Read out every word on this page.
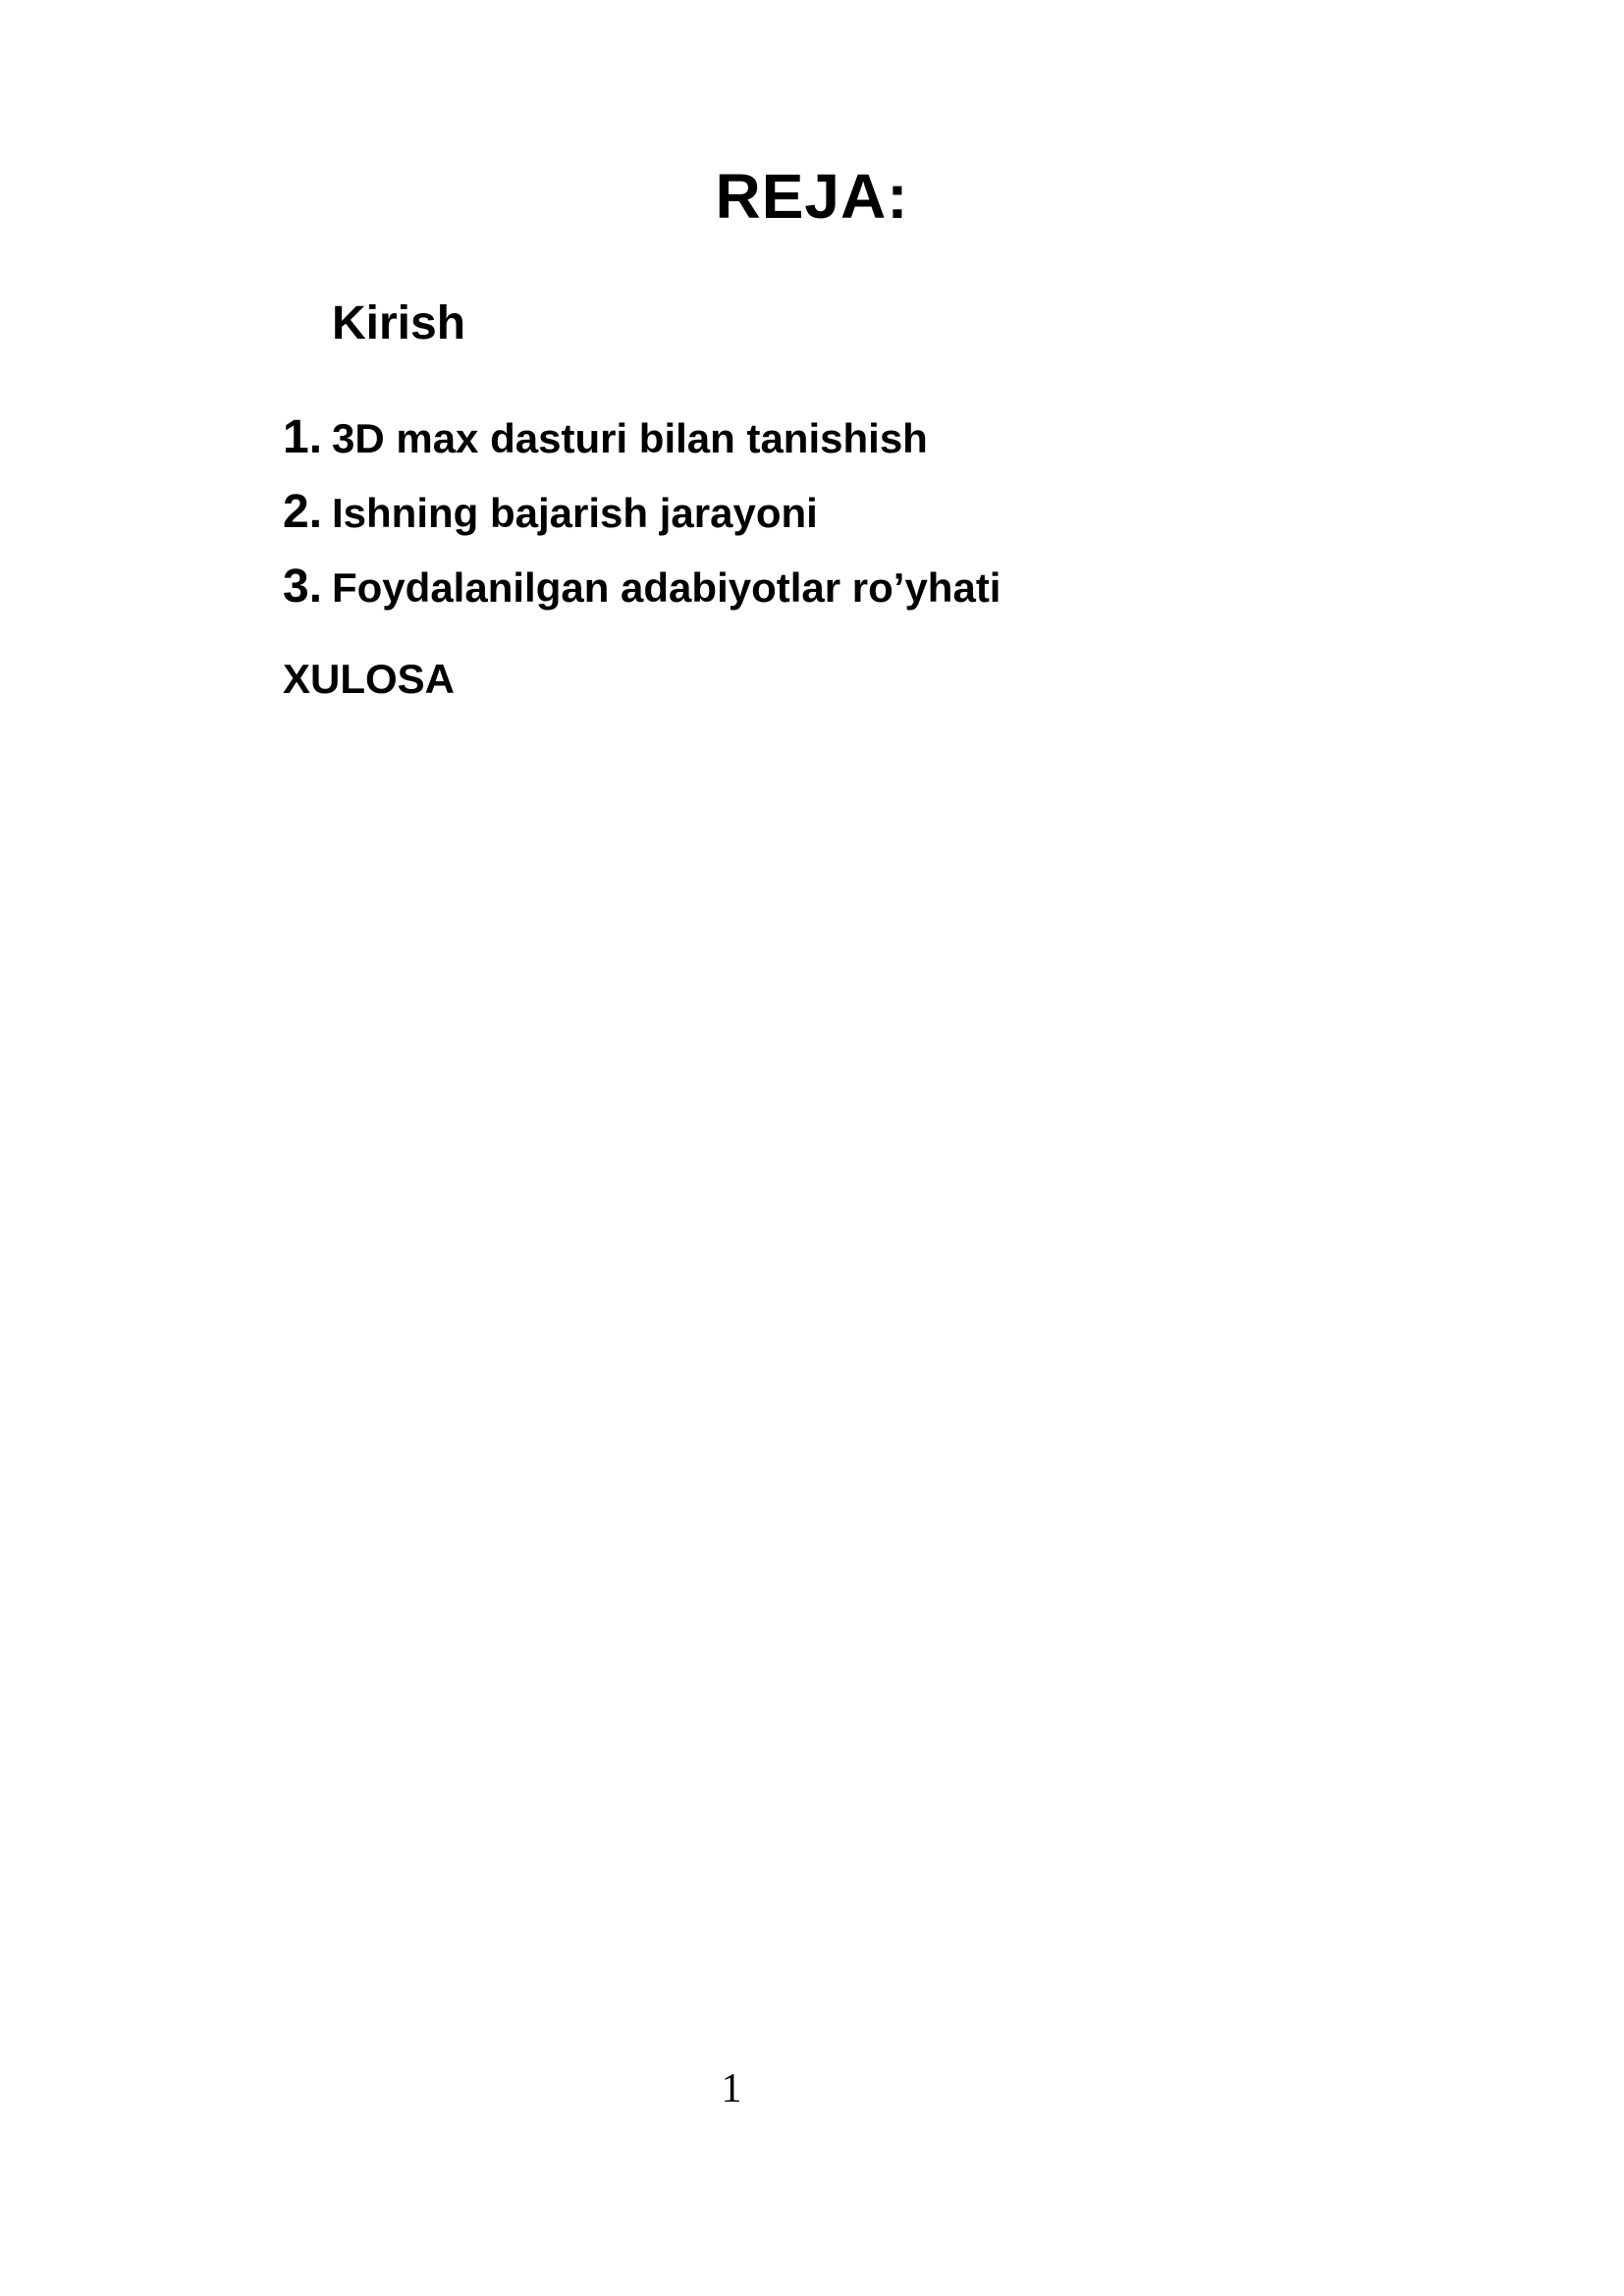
REJA:
Kirish
1. 3D max dasturi bilan tanishish
2. Ishning bajarish jarayoni
3. Foydalanilgan adabiyotlar ro’yhati
XULOSA
1
